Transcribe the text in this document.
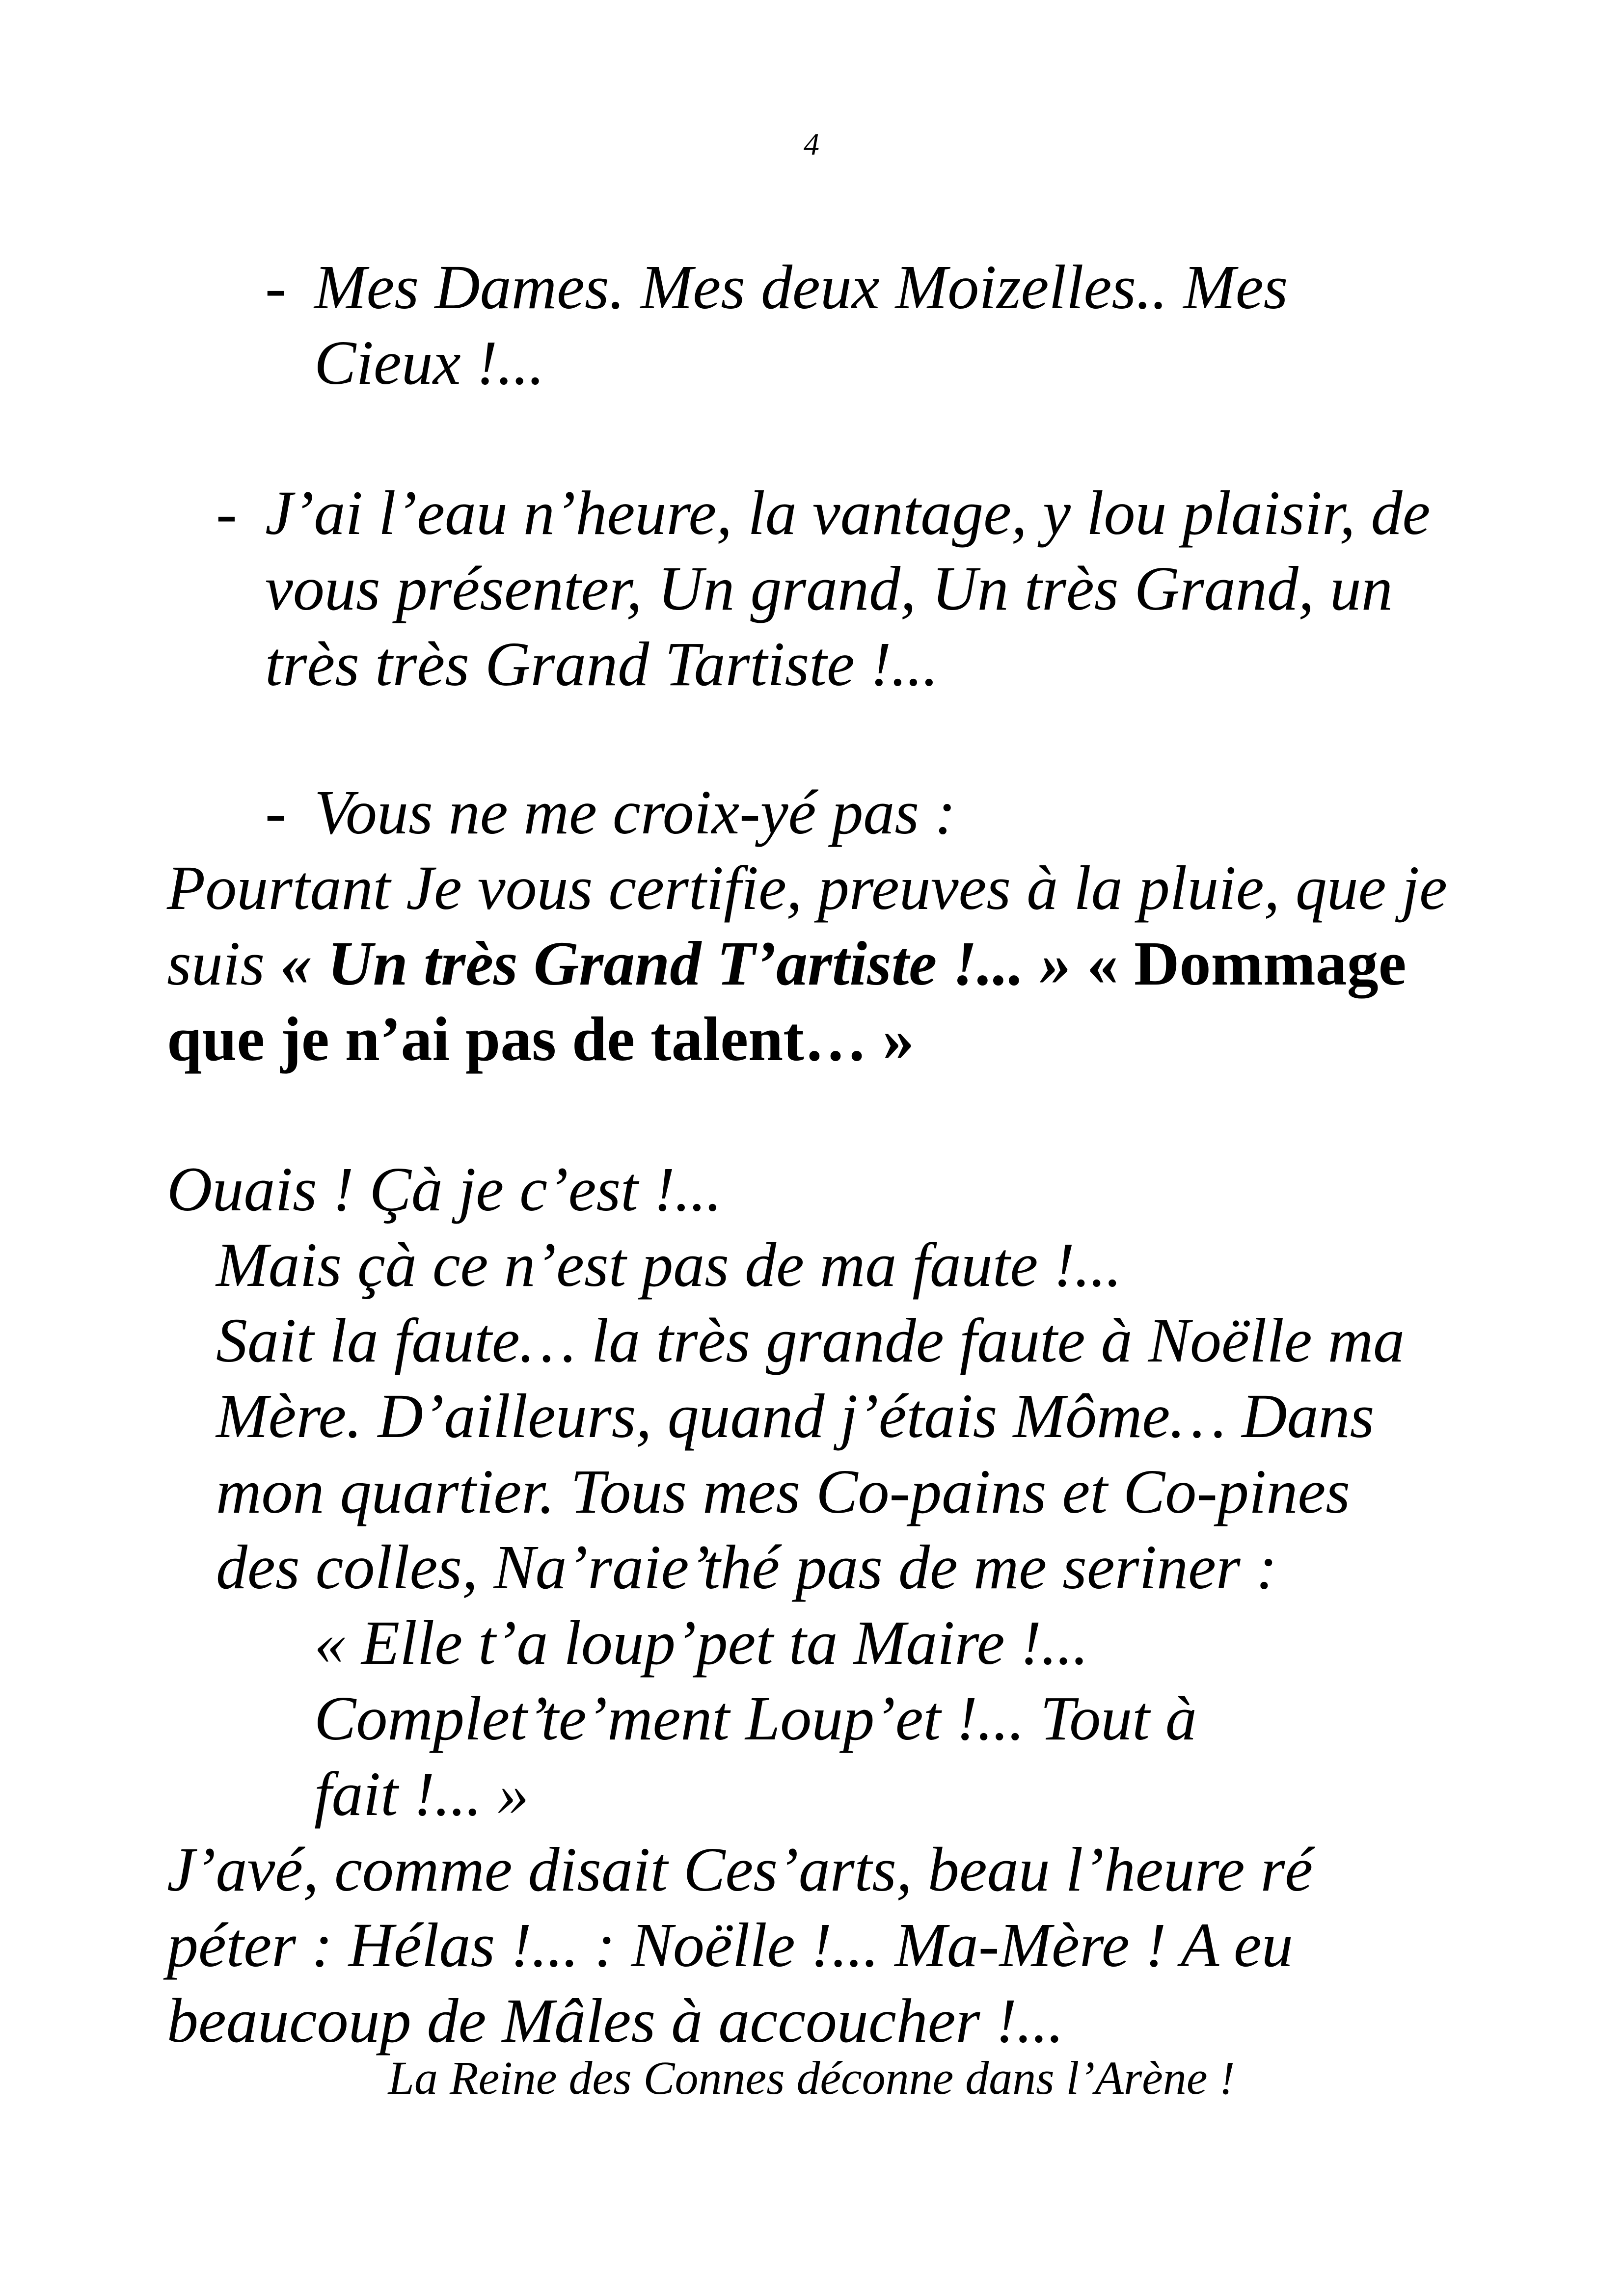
4
- Mes Dames. Mes deux Moizelles.. Mes
Cieux !...
- J’ai l’eau n’heure, la vantage, y lou plaisir, de
vous présenter, Un grand, Un très Grand, un
très très Grand Tartiste !...
- Vous ne me croix-yé pas :
Pourtant Je vous certifie, preuves à la pluie, que je
suis « Un très Grand T’artiste !... » « Dommage
que je n’ai pas de talent… »
Ouais ! Çà je c’est !...
Mais çà ce n’est pas de ma faute !...
Sait la faute… la très grande faute à Noëlle ma
Mère. D’ailleurs, quand j’étais Môme… Dans
mon quartier. Tous mes Co-pains et Co-pines
des colles, Na’raie’thé pas de me seriner :
« Elle t’a loup’pet ta Maire !...
Complet’te’ment Loup’et !... Tout à
fait !... »
J’avé, comme disait Ces’arts, beau l’heure ré
péter : Hélas !... : Noëlle !... Ma-Mère ! A eu
beaucoup de Mâles à accoucher !...
La Reine des Connes déconne dans l’Arène !
